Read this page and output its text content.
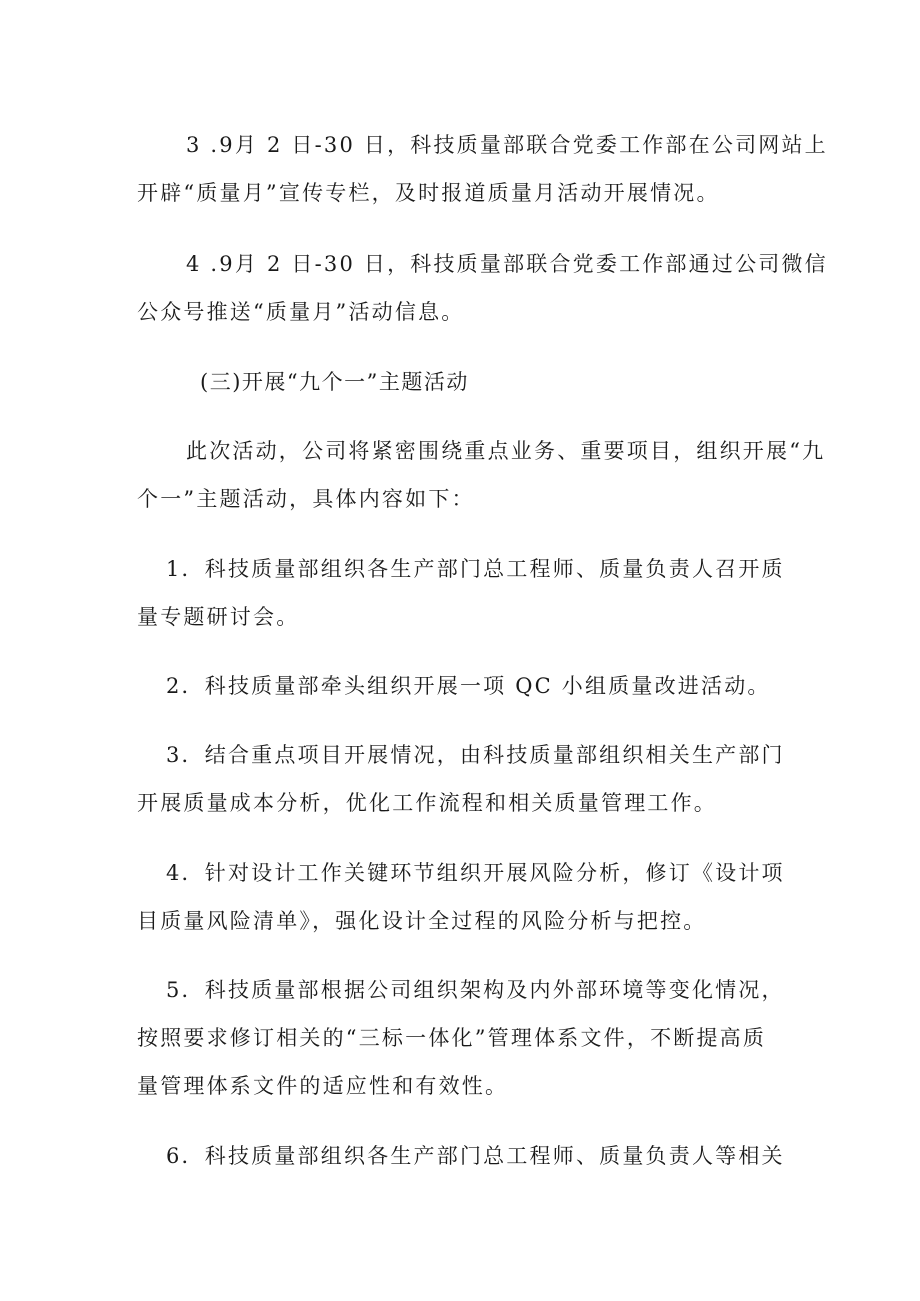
3 .9月 2 日-30 日，科技质量部联合党委工作部在公司网站上
开辟“质量月”宣传专栏，及时报道质量月活动开展情况。
4 .9月 2 日-30 日，科技质量部联合党委工作部通过公司微信
公众号推送“质量月”活动信息。
(三)开展“九个一”主题活动
此次活动，公司将紧密围绕重点业务、重要项目，组织开展“九
个一”主题活动，具体内容如下：
1．科技质量部组织各生产部门总工程师、质量负责人召开质
量专题研讨会。
2．科技质量部牵头组织开展一项 QC 小组质量改进活动。
3．结合重点项目开展情况，由科技质量部组织相关生产部门
开展质量成本分析，优化工作流程和相关质量管理工作。
4．针对设计工作关键环节组织开展风险分析，修订《设计项
目质量风险清单》，强化设计全过程的风险分析与把控。
5．科技质量部根据公司组织架构及内外部环境等变化情况，
按照要求修订相关的“三标一体化”管理体系文件，不断提高质
量管理体系文件的适应性和有效性。
6．科技质量部组织各生产部门总工程师、质量负责人等相关
